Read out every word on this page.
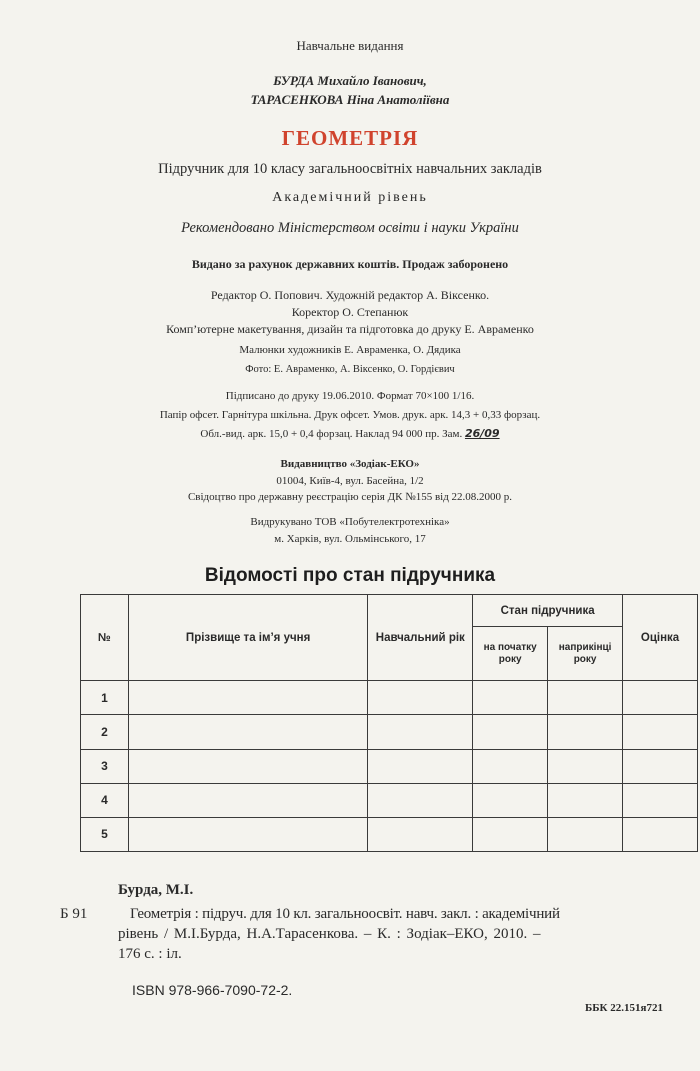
Навчальне видання
БУРДА Михайло Іванович,
ТАРАСЕНКОВА Ніна Анатоліївна
ГЕОМЕТРІЯ
Підручник для 10 класу загальноосвітніх навчальних закладів
Академічний рівень
Рекомендовано Міністерством освіти і науки України
Видано за рахунок державних коштів. Продаж заборонено
Редактор О. Попович. Художній редактор А. Віксенко.
Коректор О. Степанюк
Комп’ютерне макетування, дизайн та підготовка до друку Е. Авраменко
Малюнки художників Е. Авраменка, О. Дядика
Фото: Е. Авраменко, А. Віксенко, О. Гордієвич
Підписано до друку 19.06.2010. Формат 70×100 1/16.
Папір офсет. Гарнітура шкільна. Друк офсет. Умов. друк. арк. 14,3 + 0,33 форзац.
Обл.-вид. арк. 15,0 + 0,4 форзац. Наклад 94 000 пр. Зам. 26/09
Видавництво «Зодіак-ЕКО»
01004, Київ-4, вул. Басейна, 1/2
Свідоцтво про державну реєстрацію серія ДК №155 від 22.08.2000 р.
Видрукувано ТОВ «Побутелектротехніка»
м. Харків, вул. Ольмінського, 17
Відомості про стан підручника
№	Прізвище та ім’я учня	Навчальний рік	Стан підручника		Оцінка
			на початку року	наприкінці року	
1					
2					
3					
4					
5					
Бурда, М.І.
Б 91	Геометрія : підруч. для 10 кл. загальноосвіт. навч. закл. : академічний
рівень / М.І.Бурда, Н.А.Тарасенкова. – К. : Зодіак–ЕКО, 2010. –
176 с. : іл.
ISBN 978-966-7090-72-2.
ББК 22.151я721
